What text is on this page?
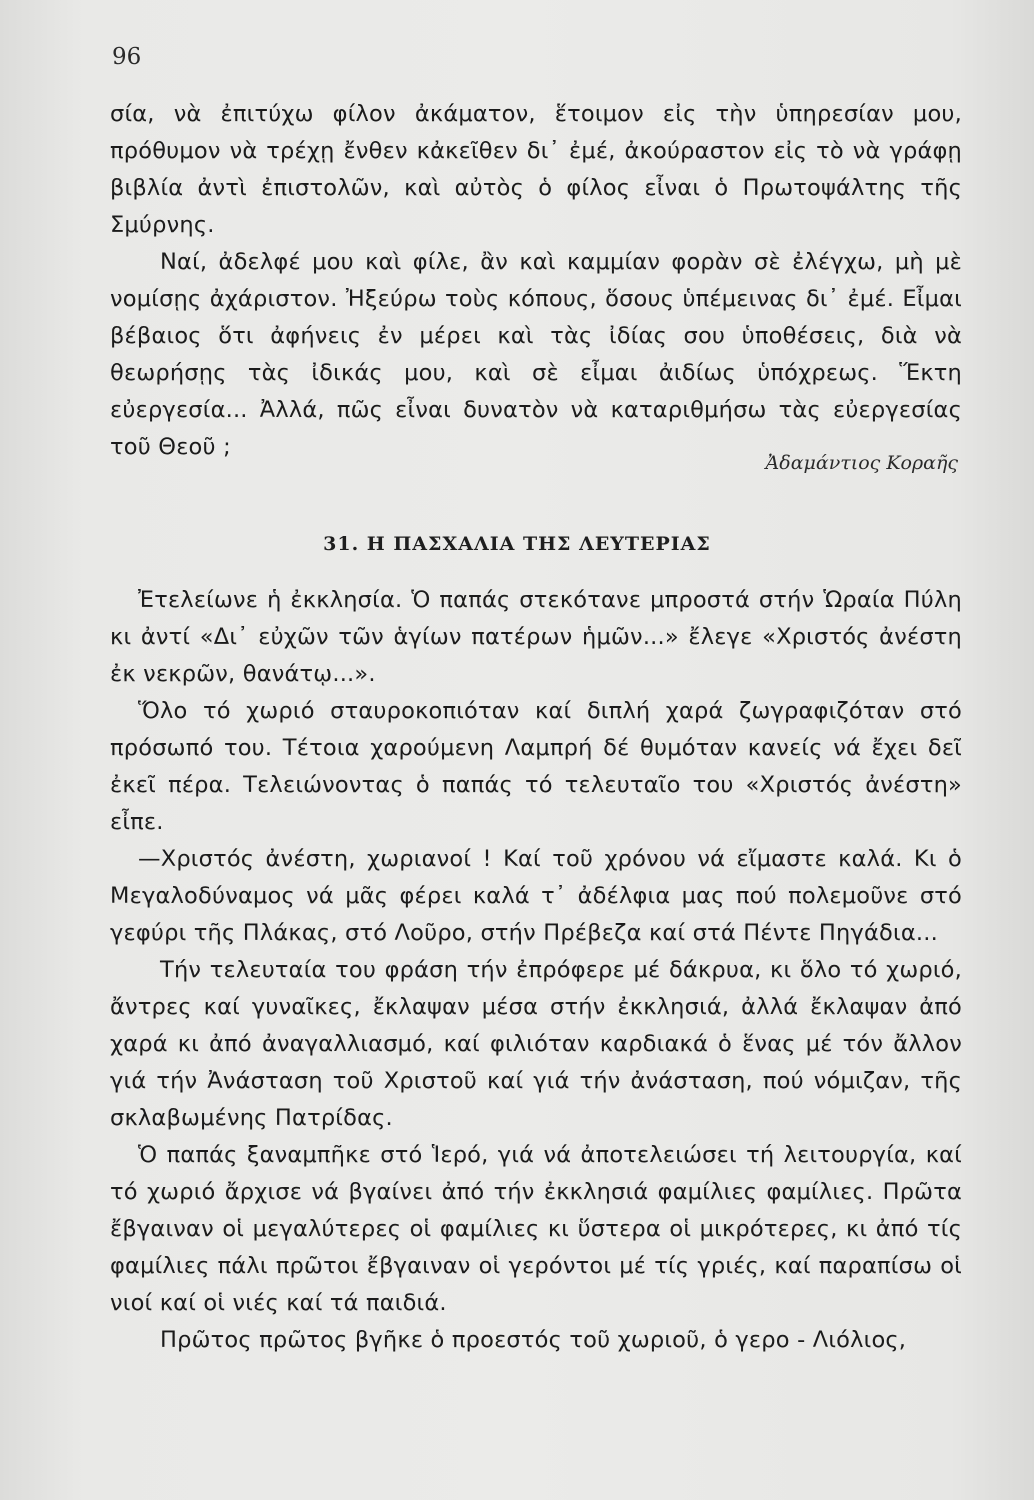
96

σία, νὰ ἐπιτύχω φίλον ἀκάματον, ἕτοιμον εἰς τὴν ὑπηρεσίαν μου, πρόθυμον νὰ τρέχῃ ἔνθεν κἀκεῖθεν δι᾽ ἐμέ, ἀκούραστον εἰς τὸ νὰ γράφῃ βιβλία ἀντὶ ἐπιστολῶν, καὶ αὐτὸς ὁ φίλος εἶναι ὁ Πρωτοψάλτης τῆς Σμύρνης.

Ναί, ἀδελφέ μου καὶ φίλε, ἂν καὶ καμμίαν φορὰν σὲ ἐλέγχω, μὴ μὲ νομίσῃς ἀχάριστον. Ἠξεύρω τοὺς κόπους, ὅσους ὑπέμεινας δι᾽ ἐμέ. Εἶμαι βέβαιος ὅτι ἀφήνεις ἐν μέρει καὶ τὰς ἰδίας σου ὑποθέσεις, διὰ νὰ θεωρήσῃς τὰς ἰδικάς μου, καὶ σὲ εἶμαι ἀιδίως ὑπόχρεως. Ἕκτη εὐεργεσία... Ἀλλά, πῶς εἶναι δυνατὸν νὰ καταριθμήσω τὰς εὐεργεσίας τοῦ Θεοῦ ;

Ἀδαμάντιος Κοραῆς
31. Η ΠΑΣΧΑΛΙΑ ΤΗΣ ΛΕΥΤΕΡΙΑΣ

Ἐτελείωνε ἡ ἐκκλησία. Ὁ παπάς στεκότανε μπροστά στήν Ὡραία Πύλη κι ἀντί «Δι᾽ εὐχῶν τῶν ἁγίων πατέρων ἡμῶν...» ἔλεγε «Χριστός ἀνέστη ἐκ νεκρῶν, θανάτῳ...».

Ὅλο τό χωριό σταυροκοπιόταν καί διπλή χαρά ζωγραφιζόταν στό πρόσωπό του. Τέτοια χαρούμενη Λαμπρή δέ θυμόταν κανείς νά ἔχει δεῖ ἐκεῖ πέρα. Τελειώνοντας ὁ παπάς τό τελευταῖο του «Χριστός ἀνέστη» εἶπε.

—Χριστός ἀνέστη, χωριανοί ! Καί τοῦ χρόνου νά εἴμαστε καλά. Κι ὁ Μεγαλοδύναμος νά μᾶς φέρει καλά τ᾽ ἀδέλφια μας πού πολεμοῦνε στό γεφύρι τῆς Πλάκας, στό Λοῦρο, στήν Πρέβεζα καί στά Πέντε Πηγάδια...

Τήν τελευταία του φράση τήν ἐπρόφερε μέ δάκρυα, κι ὅλο τό χωριό, ἄντρες καί γυναῖκες, ἔκλαψαν μέσα στήν ἐκκλησιά, ἀλλά ἔκλαψαν ἀπό χαρά κι ἀπό ἀναγαλλιασμό, καί φιλιόταν καρδιακά ὁ ἕνας μέ τόν ἄλλον γιά τήν Ἀνάσταση τοῦ Χριστοῦ καί γιά τήν ἀνάσταση, πού νόμιζαν, τῆς σκλαβωμένης Πατρίδας.

Ὁ παπάς ξαναμπῆκε στό Ἱερό, γιά νά ἀποτελειώσει τή λειτουργία, καί τό χωριό ἄρχισε νά βγαίνει ἀπό τήν ἐκκλησιά φαμίλιες φαμίλιες. Πρῶτα ἔβγαιναν οἱ μεγαλύτερες οἱ φαμίλιες κι ὕστερα οἱ μικρότερες, κι ἀπό τίς φαμίλιες πάλι πρῶτοι ἔβγαιναν οἱ γερόντοι μέ τίς γριές, καί παραπίσω οἱ νιοί καί οἱ νιές καί τά παιδιά.

Πρῶτος πρῶτος βγῆκε ὁ προεστός τοῦ χωριοῦ, ὁ γερο - Λιόλιος,
